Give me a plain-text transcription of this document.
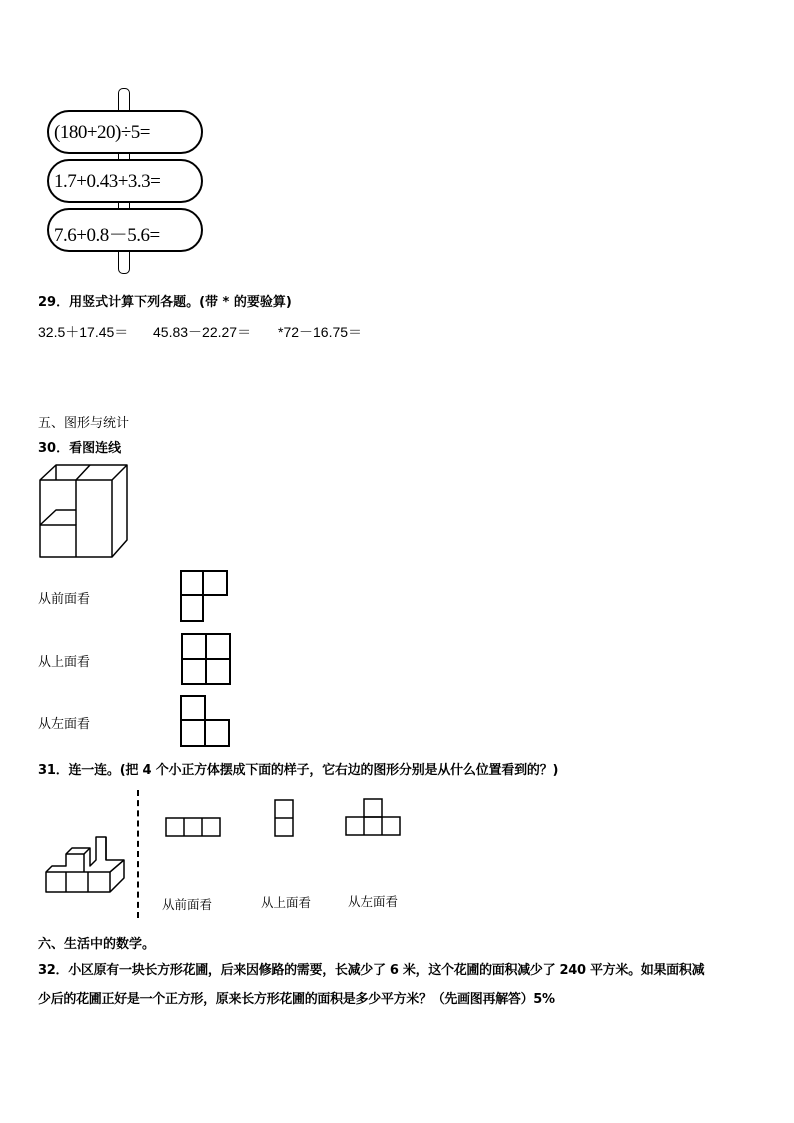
(180+20)÷5=
1.7+0.43+3.3=
7.6+0.8－5.6=
29．用竖式计算下列各题。(带 * 的要验算)
32.5＋17.45＝ 45.83－22.27＝ *72－16.75＝
五、图形与统计
30．看图连线
从前面看
从上面看
从左面看
31．连一连。(把 4 个小正方体摆成下面的样子，它右边的图形分别是从什么位置看到的？)
从前面看	从上面看	从左面看
六、生活中的数学。
32．小区原有一块长方形花圃，后来因修路的需要，长减少了 6 米，这个花圃的面积减少了 240 平方米。如果面积减
少后的花圃正好是一个正方形，原来长方形花圃的面积是多少平方米？（先画图再解答）5%
